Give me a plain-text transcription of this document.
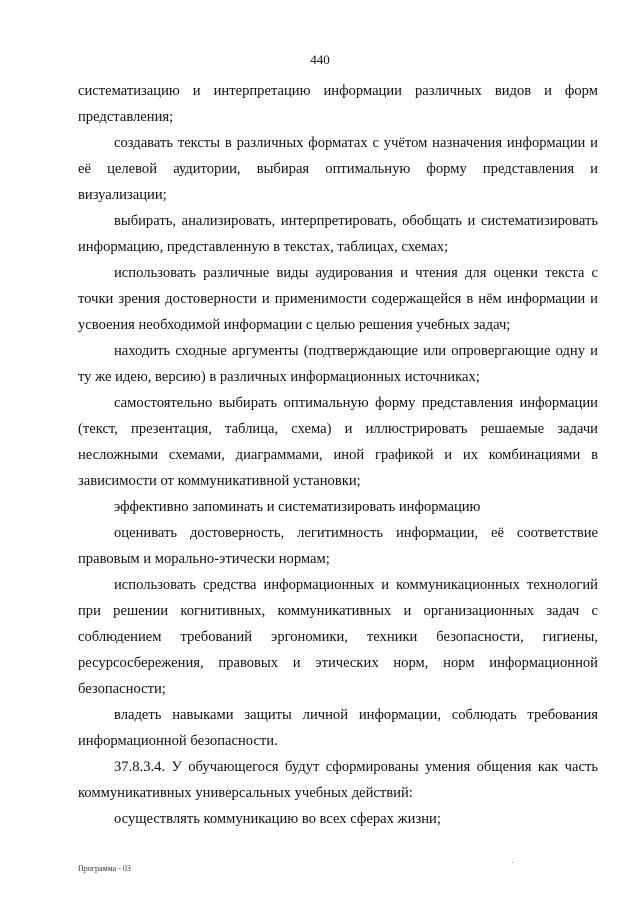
440

систематизацию и интерпретацию информации различных видов и форм представления;

создавать тексты в различных форматах с учётом назначения информации и её целевой аудитории, выбирая оптимальную форму представления и визуализации;

выбирать, анализировать, интерпретировать, обобщать и систематизировать информацию, представленную в текстах, таблицах, схемах;

использовать различные виды аудирования и чтения для оценки текста с точки зрения достоверности и применимости содержащейся в нём информации и усвоения необходимой информации с целью решения учебных задач;

находить сходные аргументы (подтверждающие или опровергающие одну и ту же идею, версию) в различных информационных источниках;

самостоятельно выбирать оптимальную форму представления информации (текст, презентация, таблица, схема) и иллюстрировать решаемые задачи несложными схемами, диаграммами, иной графикой и их комбинациями в зависимости от коммуникативной установки;

эффективно запоминать и систематизировать информацию

оценивать достоверность, легитимность информации, её соответствие правовым и морально-этически нормам;

использовать средства информационных и коммуникационных технологий при решении когнитивных, коммуникативных и организационных задач с соблюдением требований эргономики, техники безопасности, гигиены, ресурсосбережения, правовых и этических норм, норм информационной безопасности;

владеть навыками защиты личной информации, соблюдать требования информационной безопасности.

37.8.3.4. У обучающегося будут сформированы умения общения как часть коммуникативных универсальных учебных действий:

осуществлять коммуникацию во всех сферах жизни;

Программа - 03
